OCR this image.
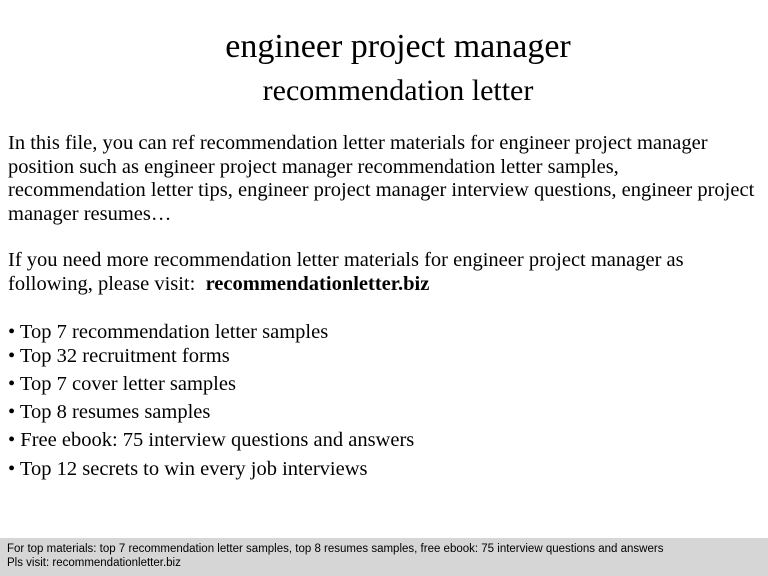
engineer project manager
recommendation letter
In this file, you can ref recommendation letter materials for engineer project manager position such as engineer project manager recommendation letter samples, recommendation letter tips, engineer project manager interview questions, engineer project manager resumes…
If you need more recommendation letter materials for engineer project manager as following, please visit: recommendationletter.biz
• Top 7 recommendation letter samples
• Top 32 recruitment forms
• Top 7 cover letter samples
• Top 8 resumes samples
• Free ebook: 75 interview questions and answers
• Top 12 secrets to win every job interviews
For top materials: top 7 recommendation letter samples, top 8 resumes samples, free ebook: 75 interview questions and answers
Pls visit: recommendationletter.biz
